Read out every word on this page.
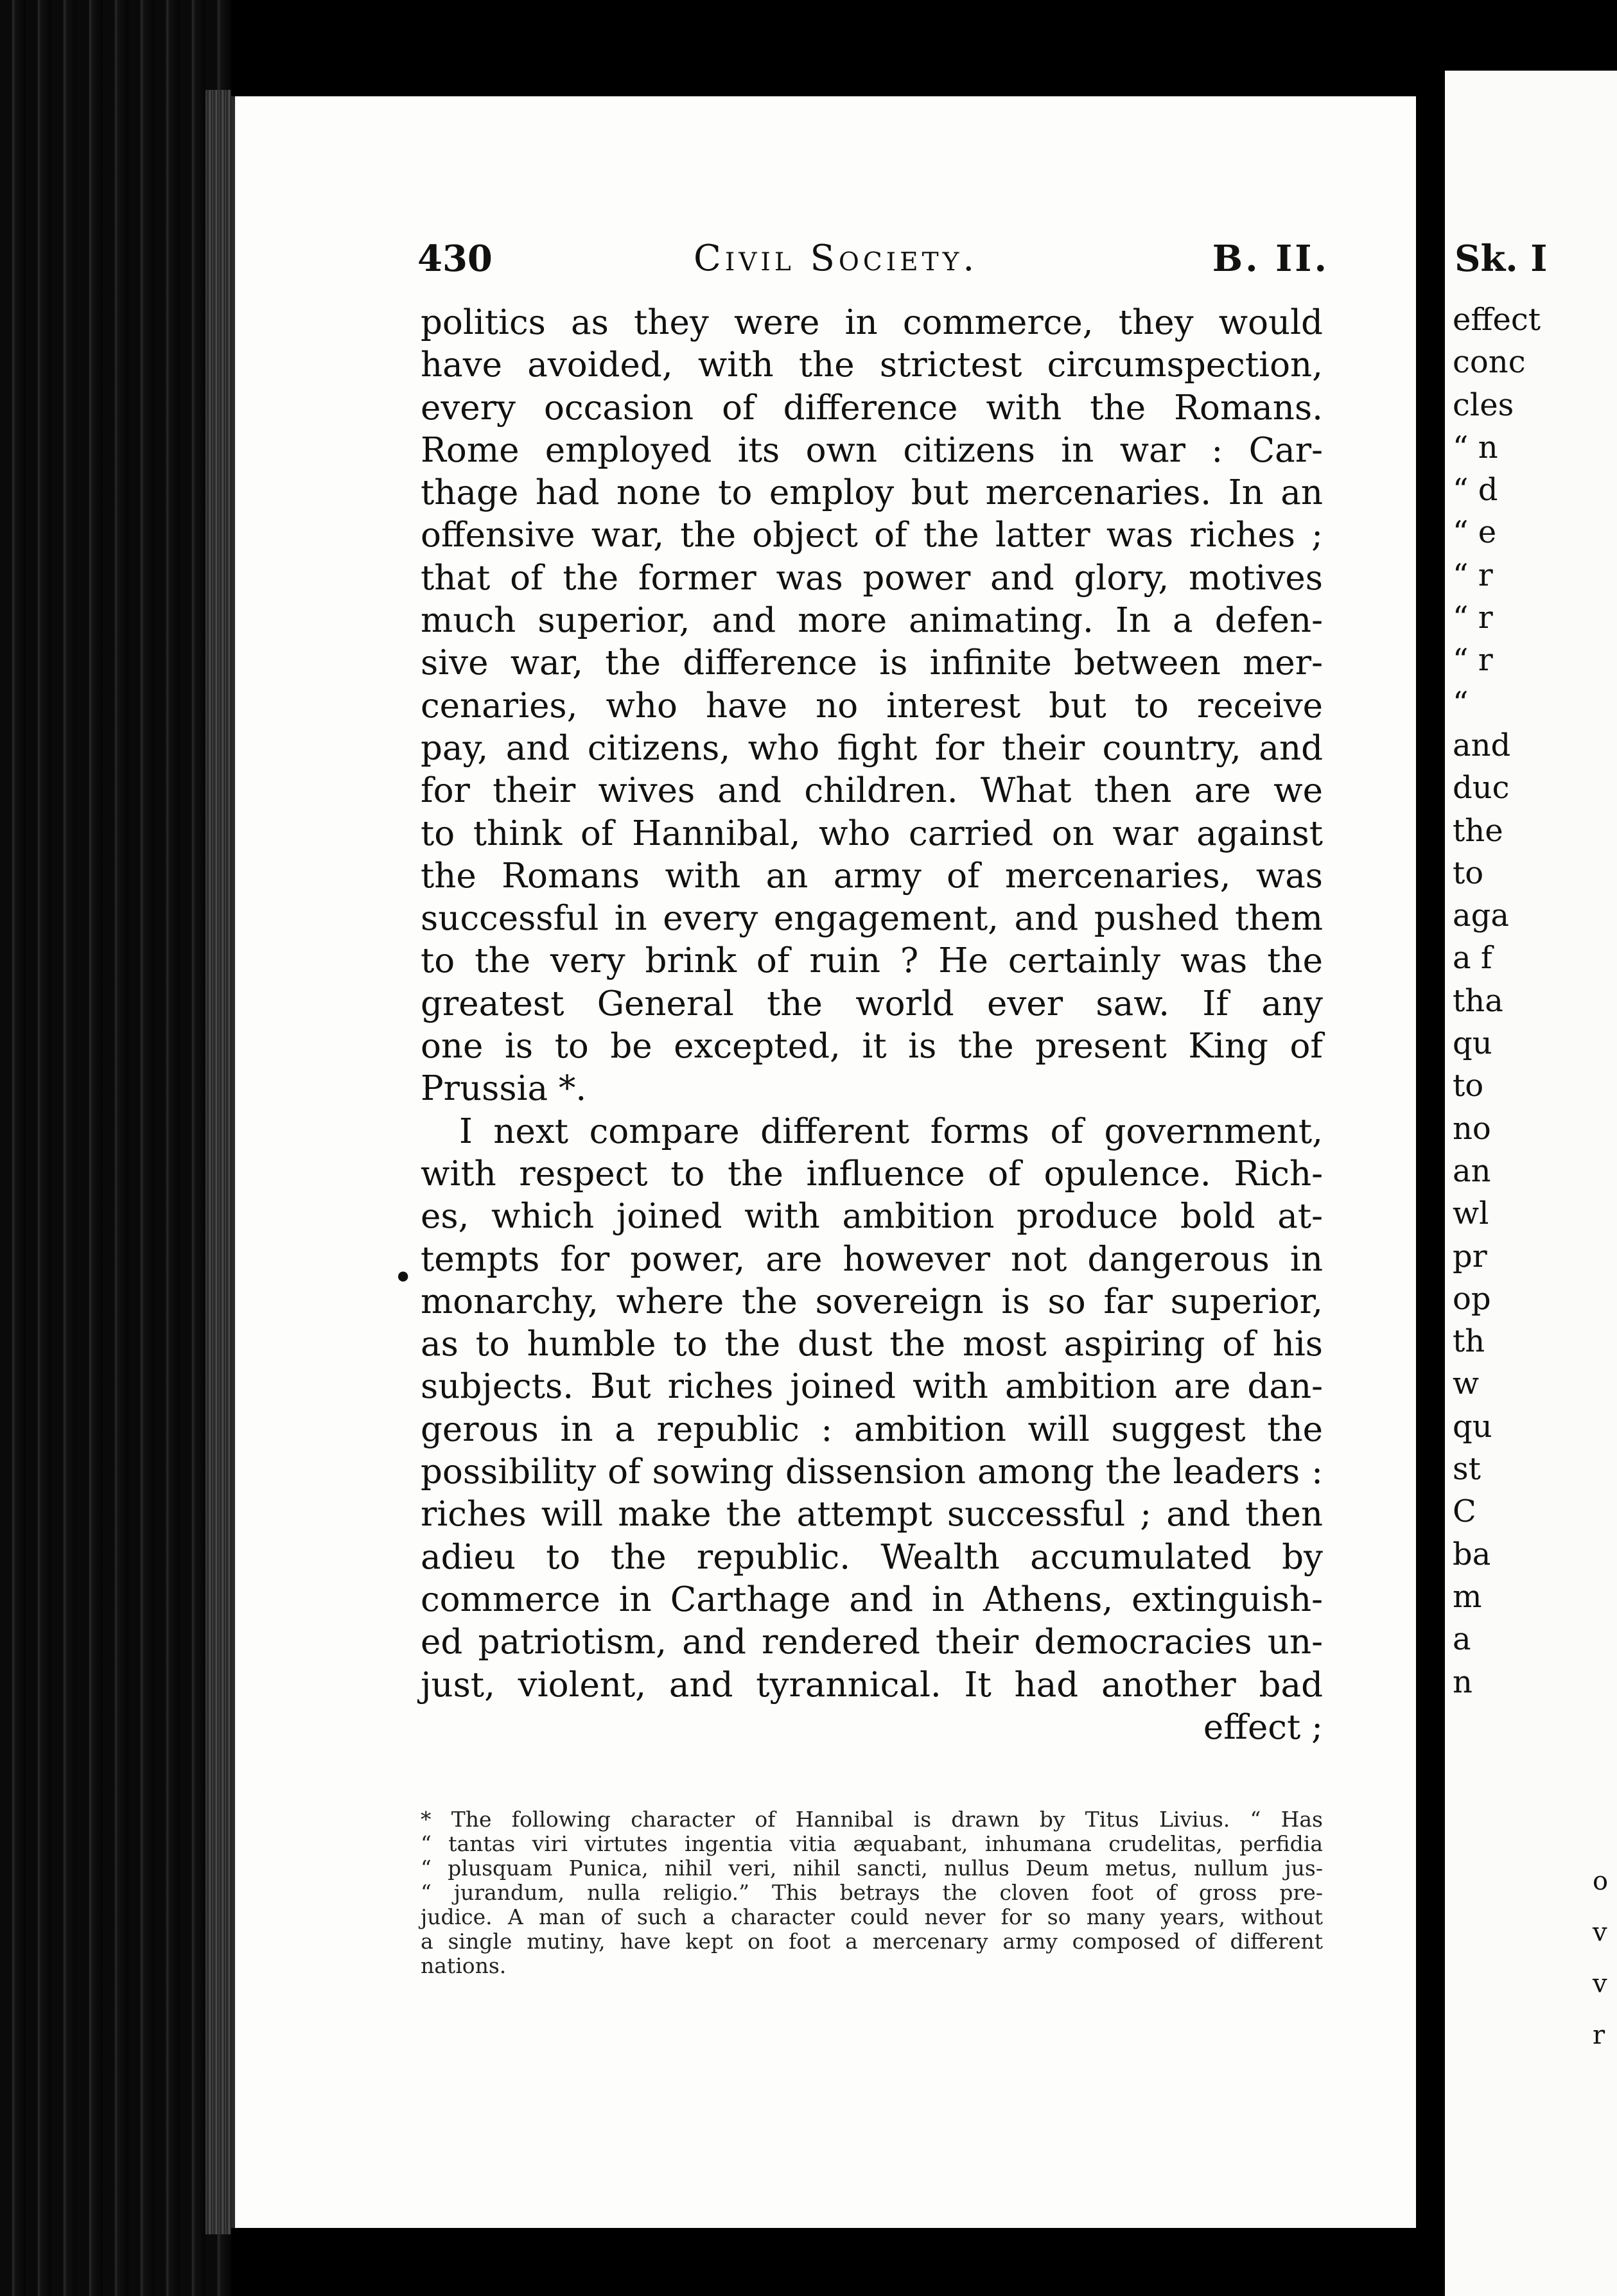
430	Civil Society.	B. II.
politics as they were in commerce, they would
have avoided, with the strictest circumspection,
every occasion of difference with the Romans.
Rome employed its own citizens in war : Car-
thage had none to employ but mercenaries. In an
offensive war, the object of the latter was riches ;
that of the former was power and glory, motives
much superior, and more animating. In a defen-
sive war, the difference is infinite between mer-
cenaries, who have no interest but to receive
pay, and citizens, who fight for their country, and
for their wives and children. What then are we
to think of Hannibal, who carried on war against
the Romans with an army of mercenaries, was
successful in every engagement, and pushed them
to the very brink of ruin ? He certainly was the
greatest General the world ever saw. If any
one is to be excepted, it is the present King of
Prussia *.
I next compare different forms of government,
with respect to the influence of opulence. Rich-
es, which joined with ambition produce bold at-
tempts for power, are however not dangerous in
monarchy, where the sovereign is so far superior,
as to humble to the dust the most aspiring of his
subjects. But riches joined with ambition are dan-
gerous in a republic : ambition will suggest the
possibility of sowing dissension among the leaders :
riches will make the attempt successful ; and then
adieu to the republic. Wealth accumulated by
commerce in Carthage and in Athens, extinguish-
ed patriotism, and rendered their democracies un-
just, violent, and tyrannical. It had another bad
effect ;
•
* The following character of Hannibal is drawn by Titus Livius. “ Has
“ tantas viri virtutes ingentia vitia æquabant, inhumana crudelitas, perfidia
“ plusquam Punica, nihil veri, nihil sancti, nullus Deum metus, nullum jus-
“ jurandum, nulla religio.” This betrays the cloven foot of gross pre-
judice. A man of such a character could never for so many years, without
a single mutiny, have kept on foot a mercenary army composed of different
nations.
Sk. I
effect
conc
cles
“ n
“ d
“ e
“ r
“ r
“ r
“
and
duc
the
to
aga
a f
tha
qu
to
no
an
wl
pr
op
th
w
qu
st
C
ba
m
a
n
o
v
v
r
